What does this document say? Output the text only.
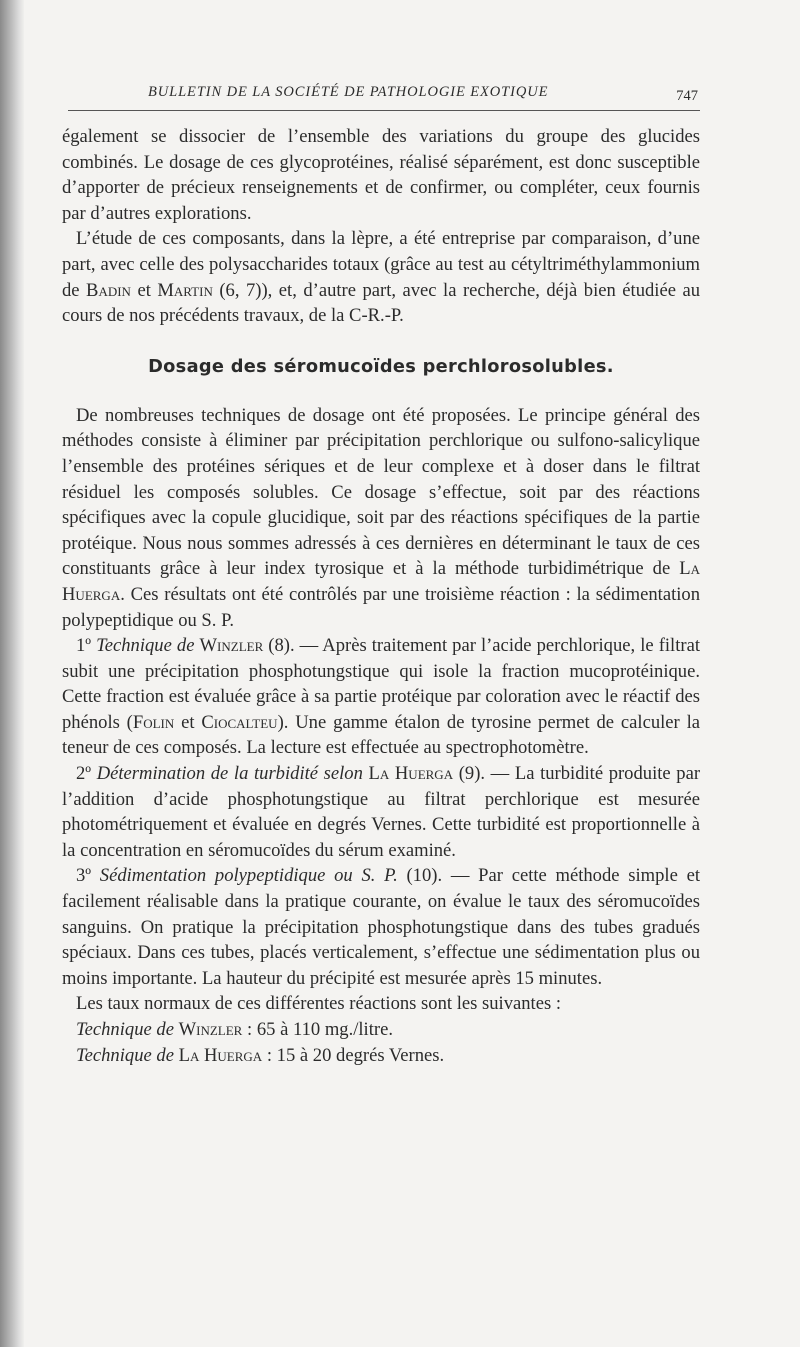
BULLETIN DE LA SOCIÉTÉ DE PATHOLOGIE EXOTIQUE	747

également se dissocier de l’ensemble des variations du groupe des glucides combinés. Le dosage de ces glycoprotéines, réalisé séparément, est donc susceptible d’apporter de précieux renseignements et de confirmer, ou compléter, ceux fournis par d’autres explorations.

L’étude de ces composants, dans la lèpre, a été entreprise par comparaison, d’une part, avec celle des polysaccharides totaux (grâce au test au cétyltriméthylammonium de Badin et Martin (6, 7)), et, d’autre part, avec la recherche, déjà bien étudiée au cours de nos précédents travaux, de la C-R.-P.

Dosage des séromucoïdes perchlorosolubles.

De nombreuses techniques de dosage ont été proposées. Le principe général des méthodes consiste à éliminer par précipitation perchlorique ou sulfono-salicylique l’ensemble des protéines sériques et de leur complexe et à doser dans le filtrat résiduel les composés solubles. Ce dosage s’effectue, soit par des réactions spécifiques avec la copule glucidique, soit par des réactions spécifiques de la partie protéique. Nous nous sommes adressés à ces dernières en déterminant le taux de ces constituants grâce à leur index tyrosique et à la méthode turbidimétrique de La Huerga. Ces résultats ont été contrôlés par une troisième réaction : la sédimentation polypeptidique ou S. P.

1º Technique de Winzler (8). — Après traitement par l’acide perchlorique, le filtrat subit une précipitation phosphotungstique qui isole la fraction mucoprotéinique. Cette fraction est évaluée grâce à sa partie protéique par coloration avec le réactif des phénols (Folin et Ciocalteu). Une gamme étalon de tyrosine permet de calculer la teneur de ces composés. La lecture est effectuée au spectrophotomètre.

2º Détermination de la turbidité selon La Huerga (9). — La turbidité produite par l’addition d’acide phosphotungstique au filtrat perchlorique est mesurée photométriquement et évaluée en degrés Vernes. Cette turbidité est proportionnelle à la concentration en séromucoïdes du sérum examiné.

3º Sédimentation polypeptidique ou S. P. (10). — Par cette méthode simple et facilement réalisable dans la pratique courante, on évalue le taux des séromucoïdes sanguins. On pratique la précipitation phosphotungstique dans des tubes gradués spéciaux. Dans ces tubes, placés verticalement, s’effectue une sédimentation plus ou moins importante. La hauteur du précipité est mesurée après 15 minutes.

Les taux normaux de ces différentes réactions sont les suivantes :

Technique de Winzler : 65 à 110 mg./litre.

Technique de La Huerga : 15 à 20 degrés Vernes.
